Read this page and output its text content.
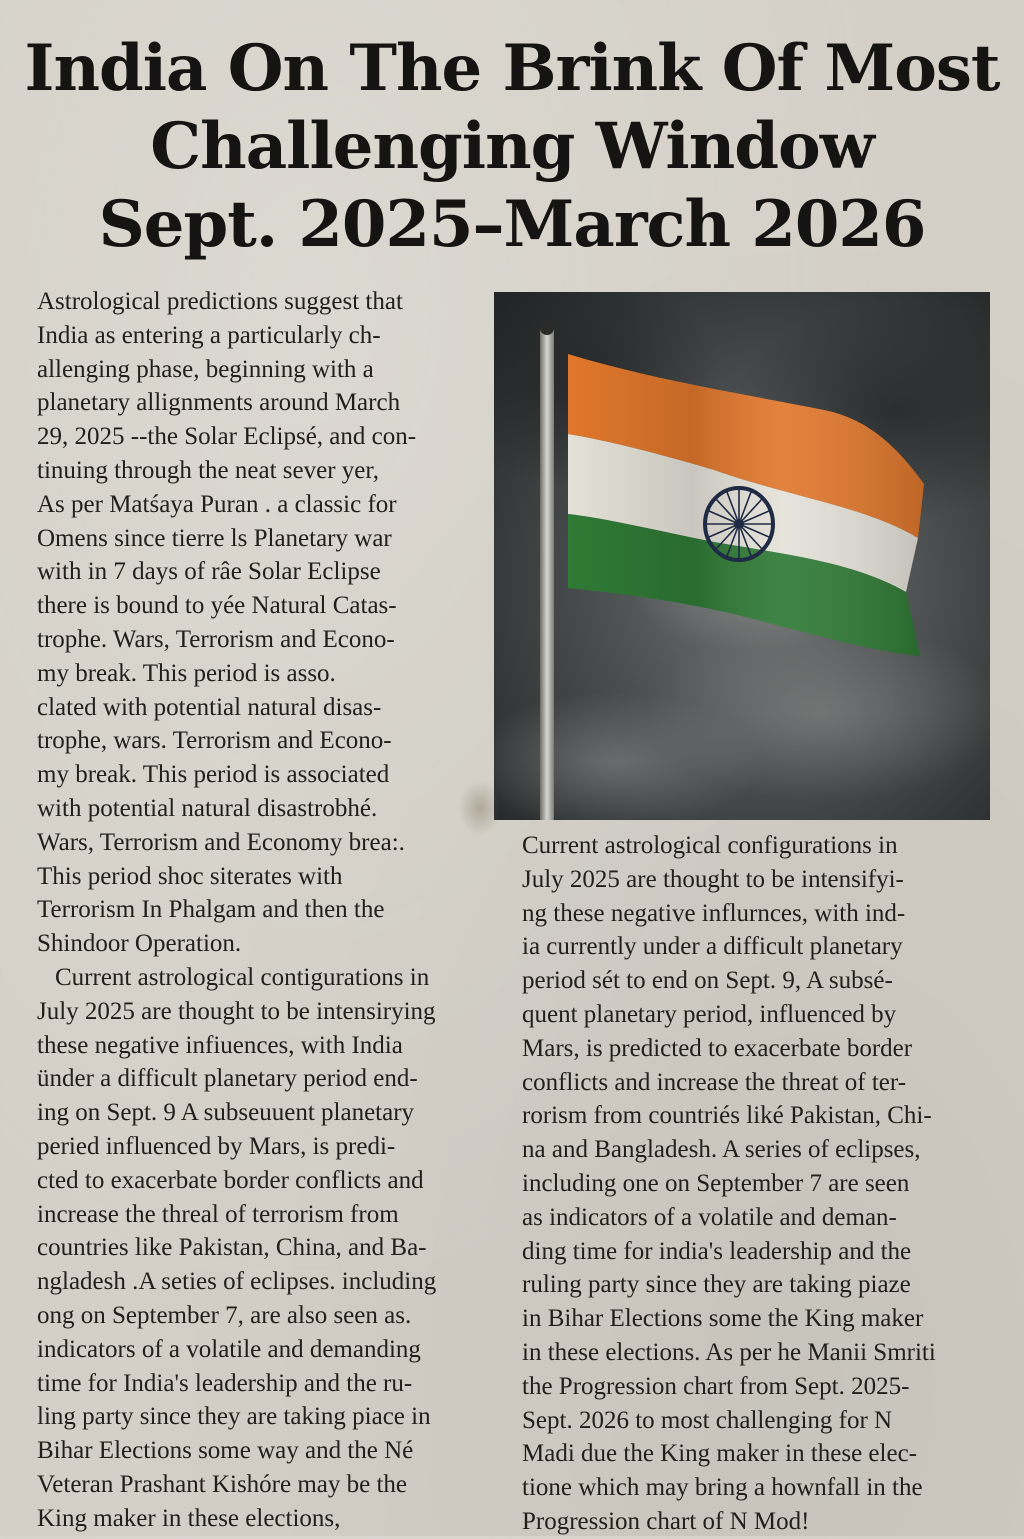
India On The Brink Of Most
Challenging Window
Sept. 2025–March 2026
Astrological predictions suggest that
India as entering a particularly ch-
allenging phase, beginning with a
planetary allignments around March
29, 2025 --the Solar Eclipsé, and con-
tinuing through the neat sever yer,
As per Matśaya Puran . a classic for
Omens since tierre ls Planetary war
with in 7 days of râe Solar Eclipse
there is bound to yée Natural Catas-
trophe. Wars, Terrorism and Econo-
my break. This period is asso.
clated with potential natural disas-
trophe, wars. Terrorism and Econo-
my break. This period is associated
with potential natural disastrobhé.
Wars, Terrorism and Economy brea:.
This period shoc siterates with
Terrorism In Phalgam and then the
Shindoor Operation.
Current astrological contigurations in
July 2025 are thought to be intensirying
these negative infiuences, with India
ünder a difficult planetary period end-
ing on Sept. 9 A subseuuent planetary
peried influenced by Mars, is predi-
cted to exacerbate border conflicts and
increase the threal of terrorism from
countries like Pakistan, China, and Ba-
ngladesh .A seties of eclipses. including
ong on September 7, are also seen as.
indicators of a volatile and demanding
time for India's leadership and the ru-
ling party since they are taking piace in
Bihar Elections some way and the Né
Veteran Prashant Kishóre may be the
King maker in these elections,
Current astrological configurations in
July 2025 are thought to be intensifyi-
ng these negative influrnces, with ind-
ia currently under a difficult planetary
period sét to end on Sept. 9, A subsé-
quent planetary period, influenced by
Mars, is predicted to exacerbate border
conflicts and increase the threat of ter-
rorism from countriés liké Pakistan, Chi-
na and Bangladesh. A series of eclipses,
including one on September 7 are seen
as indicators of a volatile and deman-
ding time for india's leadership and the
ruling party since they are taking piaze
in Bihar Elections some the King maker
in these elections. As per he Manii Smriti
the Progression chart from Sept. 2025-
Sept. 2026 to most challenging for N
Madi due the King maker in these elec-
tione which may bring a hownfall in the
Progression chart of N Mod!
